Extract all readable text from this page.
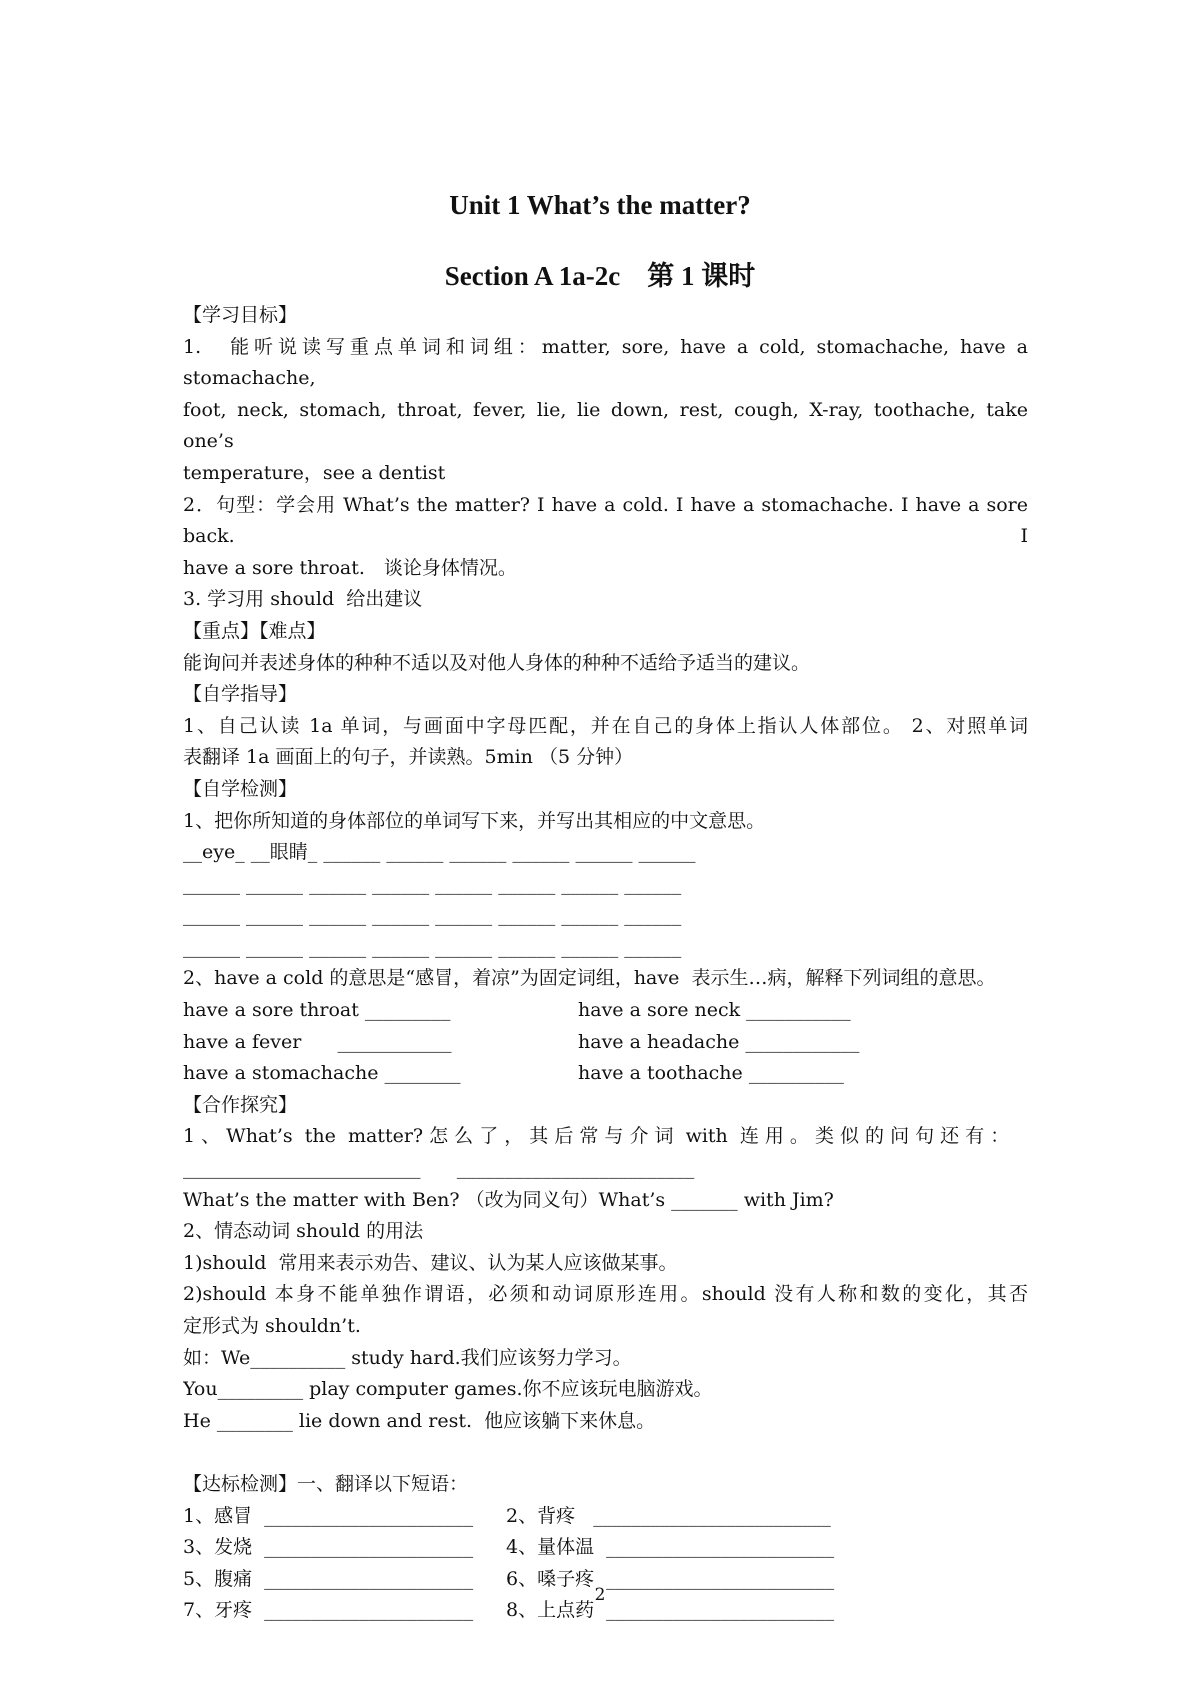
Unit 1 What’s the matter?
Section A 1a-2c　第 1 课时
【学习目标】
1.　能听说读写重点单词和词组：matter, sore, have a cold, stomachache, have a stomachache,
foot, neck, stomach, throat, fever, lie, lie down, rest, cough, X-ray, toothache, take one’s
temperature，see a dentist
2．句型：学会用 What’s the matter? I have a cold. I have a stomachache. I have a sore back.　I
have a sore throat.　谈论身体情况。
3. 学习用 should  给出建议
【重点】【难点】
能询问并表述身体的种种不适以及对他人身体的种种不适给予适当的建议。
【自学指导】
1、自己认读 1a 单词，与画面中字母匹配，并在自己的身体上指认人体部位。 2、对照单词
表翻译 1a 画面上的句子，并读熟。5min （5 分钟）
【自学检测】
1、把你所知道的身体部位的单词写下来，并写出其相应的中文意思。
__eye_ __眼睛_ ______ ______ ______ ______ ______ ______
______ ______ ______ ______ ______ ______ ______ ______
______ ______ ______ ______ ______ ______ ______ ______
______ ______ ______ ______ ______ ______ ______ ______
2、have a cold 的意思是“感冒，着凉”为固定词组，have  表示生…病，解释下列词组的意思。
have a sore throat _________	have a sore neck ___________
have a fever      ____________	have a headache ____________
have a stomachache ________	have a toothache __________
【合作探究】
1 、 What’s  the  matter? 怎 么 了 ， 其 后 常 与 介 词  with  连 用 。 类 似 的 问 句 还 有 ：
_________________________      _________________________
What’s the matter with Ben? （改为同义句）What’s _______ with Jim?
2、情态动词 should 的用法
1)should  常用来表示劝告、建议、认为某人应该做某事。
2)should 本身不能单独作谓语，必须和动词原形连用。should 没有人称和数的变化，其否
定形式为 shouldn’t.
如：We__________ study hard.我们应该努力学习。
You_________ play computer games.你不应该玩电脑游戏。
He ________ lie down and rest.  他应该躺下来休息。
【达标检测】一、翻译以下短语：
1、感冒  ______________________	2、背疼   _________________________
3、发烧  ______________________	4、量体温  ________________________
5、腹痛  ______________________	6、嗓子疼  ________________________
7、牙疼  ______________________	8、上点药  ________________________
2
